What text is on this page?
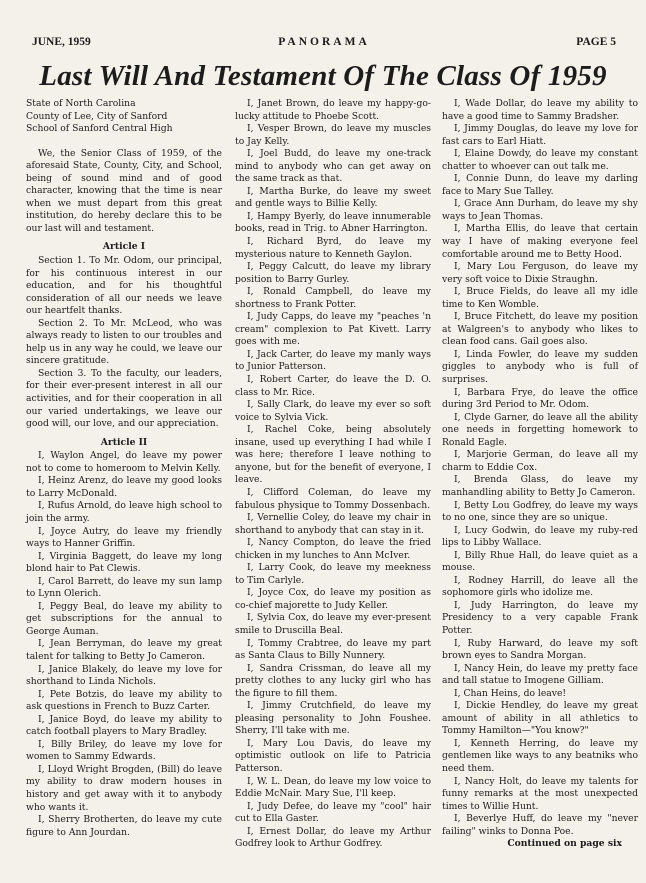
JUNE, 1959	PANORAMA	PAGE 5
Last Will And Testament Of The Class Of 1959

State of North Carolina

County of Lee, City of Sanford

School of Sanford Central High

We, the Senior Class of 1959, of the aforesaid State, County, City, and School, being of sound mind and of good character, knowing that the time is near when we must depart from this great institution, do hereby declare this to be our last will and testament.

Article I

Section 1. To Mr. Odom, our principal, for his continuous interest in our education, and for his thoughtful consideration of all our needs we leave our heartfelt thanks.

Section 2. To Mr. McLeod, who was always ready to listen to our troubles and help us in any way he could, we leave our sincere gratitude.

Section 3. To the faculty, our leaders, for their ever-present interest in all our activities, and for their cooperation in all our varied undertakings, we leave our good will, our love, and our appreciation.

Article II

I, Waylon Angel, do leave my power not to come to homeroom to Melvin Kelly.

I, Heinz Arenz, do leave my good looks to Larry McDonald.

I, Rufus Arnold, do leave high school to join the army.

I, Joyce Autry, do leave my friendly ways to Hanner Griffin.

I, Virginia Baggett, do leave my long blond hair to Pat Clewis.

I, Carol Barrett, do leave my sun lamp to Lynn Olerich.

I, Peggy Beal, do leave my ability to get subscriptions for the annual to George Auman.

I, Jean Berryman, do leave my great talent for talking to Betty Jo Cameron.

I, Janice Blakely, do leave my love for shorthand to Linda Nichols.

I, Pete Botzis, do leave my ability to ask questions in French to Buzz Carter.

I, Janice Boyd, do leave my ability to catch football players to Mary Bradley.

I, Billy Briley, do leave my love for women to Sammy Edwards.

I, Lloyd Wright Brogden, (Bill) do leave my ability to draw modern houses in history and get away with it to anybody who wants it.

I, Sherry Brotherten, do leave my cute figure to Ann Jourdan.

I, Janet Brown, do leave my happy-go-lucky attitude to Phoebe Scott.

I, Vesper Brown, do leave my muscles to Jay Kelly.

I, Joel Budd, do leave my one-track mind to anybody who can get away on the same track as that.

I, Martha Burke, do leave my sweet and gentle ways to Billie Kelly.

I, Hampy Byerly, do leave innumerable books, read in Trig. to Abner Harrington.

I, Richard Byrd, do leave my mysterious nature to Kenneth Gaylon.

I, Peggy Calcutt, do leave my library position to Barry Gurley.

I, Ronald Campbell, do leave my shortness to Frank Potter.

I, Judy Capps, do leave my "peaches 'n cream" complexion to Pat Kivett. Larry goes with me.

I, Jack Carter, do leave my manly ways to Junior Patterson.

I, Robert Carter, do leave the D. O. class to Mr. Rice.

I, Sally Clark, do leave my ever so soft voice to Sylvia Vick.

I, Rachel Coke, being absolutely insane, used up everything I had while I was here; therefore I leave nothing to anyone, but for the benefit of everyone, I leave.

I, Clifford Coleman, do leave my fabulous physique to Tommy Dossenbach.

I, Vernellie Coley, do leave my chair in shorthand to anybody that can stay in it.

I, Nancy Compton, do leave the fried chicken in my lunches to Ann McIver.

I, Larry Cook, do leave my meekness to Tim Carlyle.

I, Joyce Cox, do leave my position as co-chief majorette to Judy Keller.

I, Sylvia Cox, do leave my ever-present smile to Druscilla Beal.

I, Tommy Crabtree, do leave my part as Santa Claus to Billy Nunnery.

I, Sandra Crissman, do leave all my pretty clothes to any lucky girl who has the figure to fill them.

I, Jimmy Crutchfield, do leave my pleasing personality to John Foushee. Sherry, I'll take with me.

I, Mary Lou Davis, do leave my optimistic outlook on life to Patricia Patterson.

I, W. L. Dean, do leave my low voice to Eddie McNair. Mary Sue, I'll keep.

I, Judy Defee, do leave my "cool" hair cut to Ella Gaster.

I, Ernest Dollar, do leave my Arthur Godfrey look to Arthur Godfrey.

I, Wade Dollar, do leave my ability to have a good time to Sammy Bradsher.

I, Jimmy Douglas, do leave my love for fast cars to Earl Hiatt.

I, Elaine Dowdy, do leave my constant chatter to whoever can out talk me.

I, Connie Dunn, do leave my darling face to Mary Sue Talley.

I, Grace Ann Durham, do leave my shy ways to Jean Thomas.

I, Martha Ellis, do leave that certain way I have of making everyone feel comfortable around me to Betty Hood.

I, Mary Lou Ferguson, do leave my very soft voice to Dixie Straughn.

I, Bruce Fields, do leave all my idle time to Ken Womble.

I, Bruce Fitchett, do leave my position at Walgreen's to anybody who likes to clean food cans. Gail goes also.

I, Linda Fowler, do leave my sudden giggles to anybody who is full of surprises.

I, Barbara Frye, do leave the office during 3rd Period to Mr. Odom.

I, Clyde Garner, do leave all the ability one needs in forgetting homework to Ronald Eagle.

I, Marjorie German, do leave all my charm to Eddie Cox.

I, Brenda Glass, do leave my manhandling ability to Betty Jo Cameron.

I, Betty Lou Godfrey, do leave my ways to no one, since they are so unique.

I, Lucy Godwin, do leave my ruby-red lips to Libby Wallace.

I, Billy Rhue Hall, do leave quiet as a mouse.

I, Rodney Harrill, do leave all the sophomore girls who idolize me.

I, Judy Harrington, do leave my Presidency to a very capable Frank Potter.

I, Ruby Harward, do leave my soft brown eyes to Sandra Morgan.

I, Nancy Hein, do leave my pretty face and tall statue to Imogene Gilliam.

I, Chan Heins, do leave!

I, Dickie Hendley, do leave my great amount of ability in all athletics to Tommy Hamilton—"You know?"

I, Kenneth Herring, do leave my gentlemen like ways to any beatniks who need them.

I, Nancy Holt, do leave my talents for funny remarks at the most unexpected times to Willie Hunt.

I, Beverlye Huff, do leave my "never failing" winks to Donna Poe.

Continued on page six
